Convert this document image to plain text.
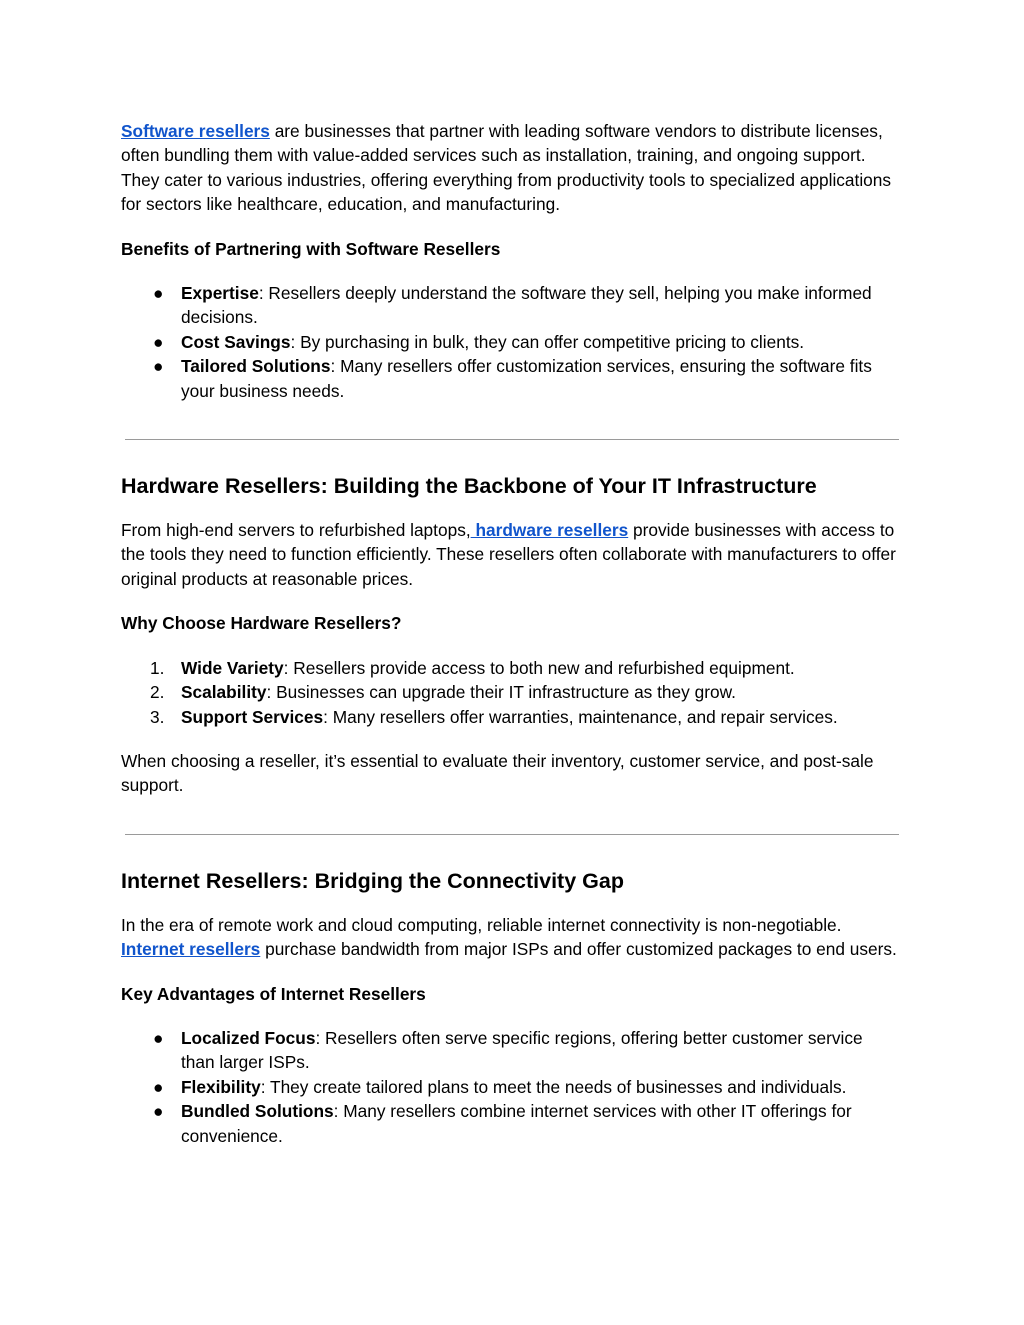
Software resellers are businesses that partner with leading software vendors to distribute licenses, often bundling them with value-added services such as installation, training, and ongoing support. They cater to various industries, offering everything from productivity tools to specialized applications for sectors like healthcare, education, and manufacturing.

Benefits of Partnering with Software Resellers
● Expertise: Resellers deeply understand the software they sell, helping you make informed decisions.
● Cost Savings: By purchasing in bulk, they can offer competitive pricing to clients.
● Tailored Solutions: Many resellers offer customization services, ensuring the software fits your business needs.
Hardware Resellers: Building the Backbone of Your IT Infrastructure

From high-end servers to refurbished laptops, hardware resellers provide businesses with access to the tools they need to function efficiently. These resellers often collaborate with manufacturers to offer original products at reasonable prices.

Why Choose Hardware Resellers?
1. Wide Variety: Resellers provide access to both new and refurbished equipment.
2. Scalability: Businesses can upgrade their IT infrastructure as they grow.
3. Support Services: Many resellers offer warranties, maintenance, and repair services.

When choosing a reseller, it’s essential to evaluate their inventory, customer service, and post-sale support.

Internet Resellers: Bridging the Connectivity Gap

In the era of remote work and cloud computing, reliable internet connectivity is non-negotiable. Internet resellers purchase bandwidth from major ISPs and offer customized packages to end users.

Key Advantages of Internet Resellers
● Localized Focus: Resellers often serve specific regions, offering better customer service than larger ISPs.
● Flexibility: They create tailored plans to meet the needs of businesses and individuals.
● Bundled Solutions: Many resellers combine internet services with other IT offerings for convenience.
